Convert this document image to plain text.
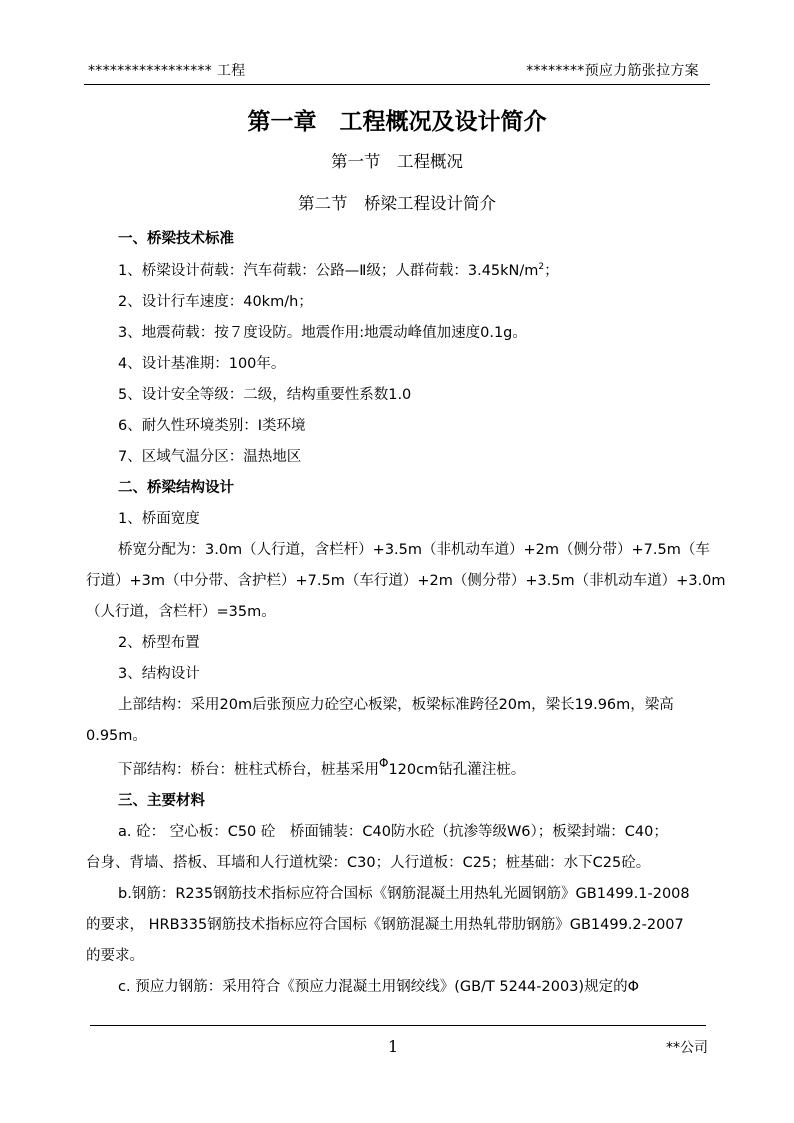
***************** 工程	********预应力筋张拉方案
第一章　工程概况及设计简介
第一节　工程概况
第二节　桥梁工程设计简介
一、桥梁技术标准
1、桥梁设计荷载：汽车荷载：公路—Ⅱ级；人群荷载：$3.45kN/m^2$；
2、设计行车速度：40km/h；
3、地震荷载：按７度设防。地震作用:地震动峰值加速度0.1g。
4、设计基准期：100年。
5、设计安全等级：二级，结构重要性系数1.0
6、耐久性环境类别：Ⅰ类环境
7、区域气温分区：温热地区
二、桥梁结构设计
1、桥面宽度
桥宽分配为：3.0m（人行道，含栏杆）+3.5m（非机动车道）+2m（侧分带）+7.5m（车
行道）+3m（中分带、含护栏）+7.5m（车行道）+2m（侧分带）+3.5m（非机动车道）+3.0m
（人行道，含栏杆）=35m。
2、桥型布置
3、结构设计
上部结构：采用20m后张预应力砼空心板梁，板梁标准跨径20m，梁长19.96m，梁高
0.95m。
下部结构：桥台：桩柱式桥台，桩基采用$^\Phi$120cm钻孔灌注桩。
三、主要材料
a. 砼： 空心板：C50 砼　桥面铺装：C40防水砼（抗渗等级W6）；板梁封端：C40；
台身、背墙、搭板、耳墙和人行道枕梁：C30；人行道板：C25；桩基础：水下C25砼。
b.钢筋：R235钢筋技术指标应符合国标《钢筋混凝土用热轧光圆钢筋》GB1499.1-2008
的要求， HRB335钢筋技术指标应符合国标《钢筋混凝土用热轧带肋钢筋》GB1499.2-2007
的要求。
c. 预应力钢筋：采用符合《预应力混凝土用钢绞线》(GB/T 5244-2003)规定的Φ
1	**公司
